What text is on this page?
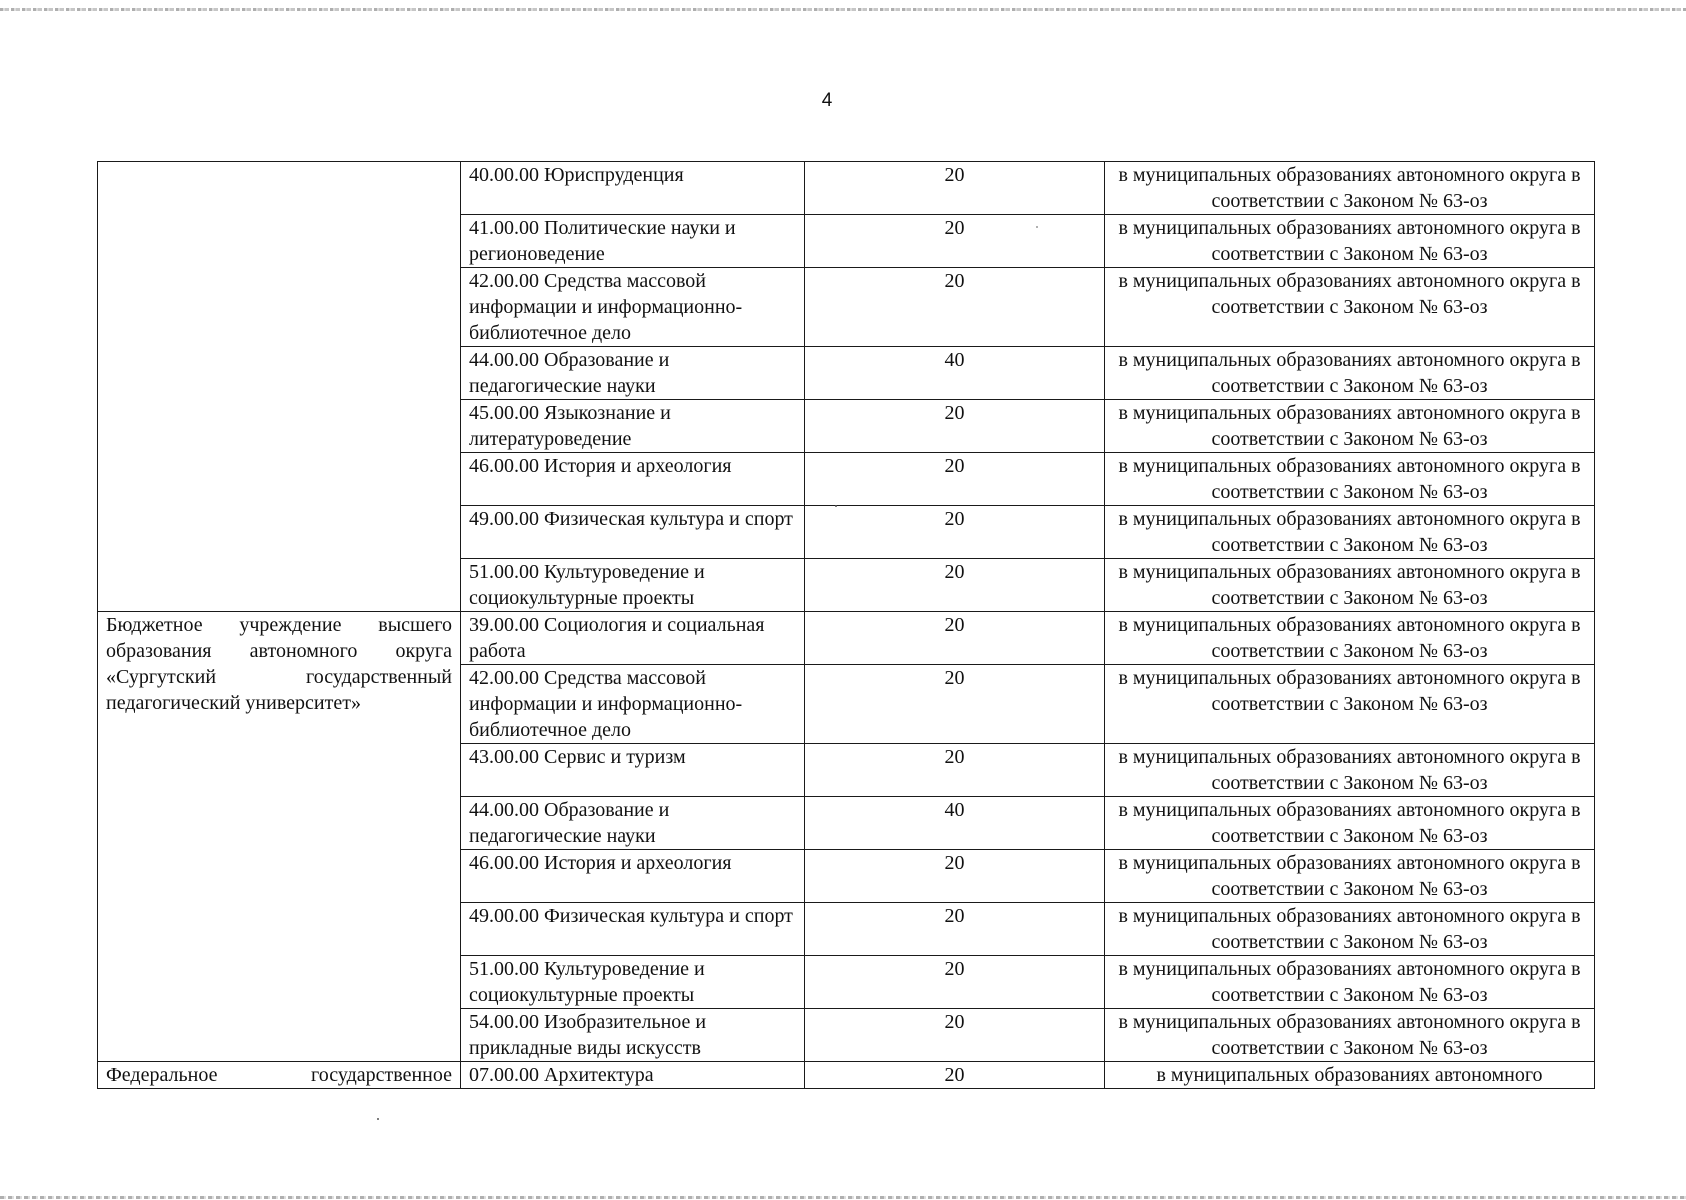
4
	40.00.00 Юриспруденция	20	в муниципальных образованиях автономного округа в соответствии с Законом № 63-оз
	41.00.00 Политические науки и регионоведение	20	в муниципальных образованиях автономного округа в соответствии с Законом № 63-оз
	42.00.00 Средства массовой информации и информационно-библиотечное дело	20	в муниципальных образованиях автономного округа в соответствии с Законом № 63-оз
	44.00.00 Образование и педагогические науки	40	в муниципальных образованиях автономного округа в соответствии с Законом № 63-оз
	45.00.00 Языкознание и литературоведение	20	в муниципальных образованиях автономного округа в соответствии с Законом № 63-оз
	46.00.00 История и археология	20	в муниципальных образованиях автономного округа в соответствии с Законом № 63-оз
	49.00.00 Физическая культура и спорт	20	в муниципальных образованиях автономного округа в соответствии с Законом № 63-оз
	51.00.00 Культуроведение и социокультурные проекты	20	в муниципальных образованиях автономного округа в соответствии с Законом № 63-оз
Бюджетное учреждение высшего образования автономного округа «Сургутский государственный педагогический университет»	39.00.00 Социология и социальная работа	20	в муниципальных образованиях автономного округа в соответствии с Законом № 63-оз
	42.00.00 Средства массовой информации и информационно-библиотечное дело	20	в муниципальных образованиях автономного округа в соответствии с Законом № 63-оз
	43.00.00 Сервис и туризм	20	в муниципальных образованиях автономного округа в соответствии с Законом № 63-оз
	44.00.00 Образование и педагогические науки	40	в муниципальных образованиях автономного округа в соответствии с Законом № 63-оз
	46.00.00 История и археология	20	в муниципальных образованиях автономного округа в соответствии с Законом № 63-оз
	49.00.00 Физическая культура и спорт	20	в муниципальных образованиях автономного округа в соответствии с Законом № 63-оз
	51.00.00 Культуроведение и социокультурные проекты	20	в муниципальных образованиях автономного округа в соответствии с Законом № 63-оз
	54.00.00 Изобразительное и прикладные виды искусств	20	в муниципальных образованиях автономного округа в соответствии с Законом № 63-оз
Федеральное государственное	07.00.00 Архитектура	20	в муниципальных образованиях автономного
